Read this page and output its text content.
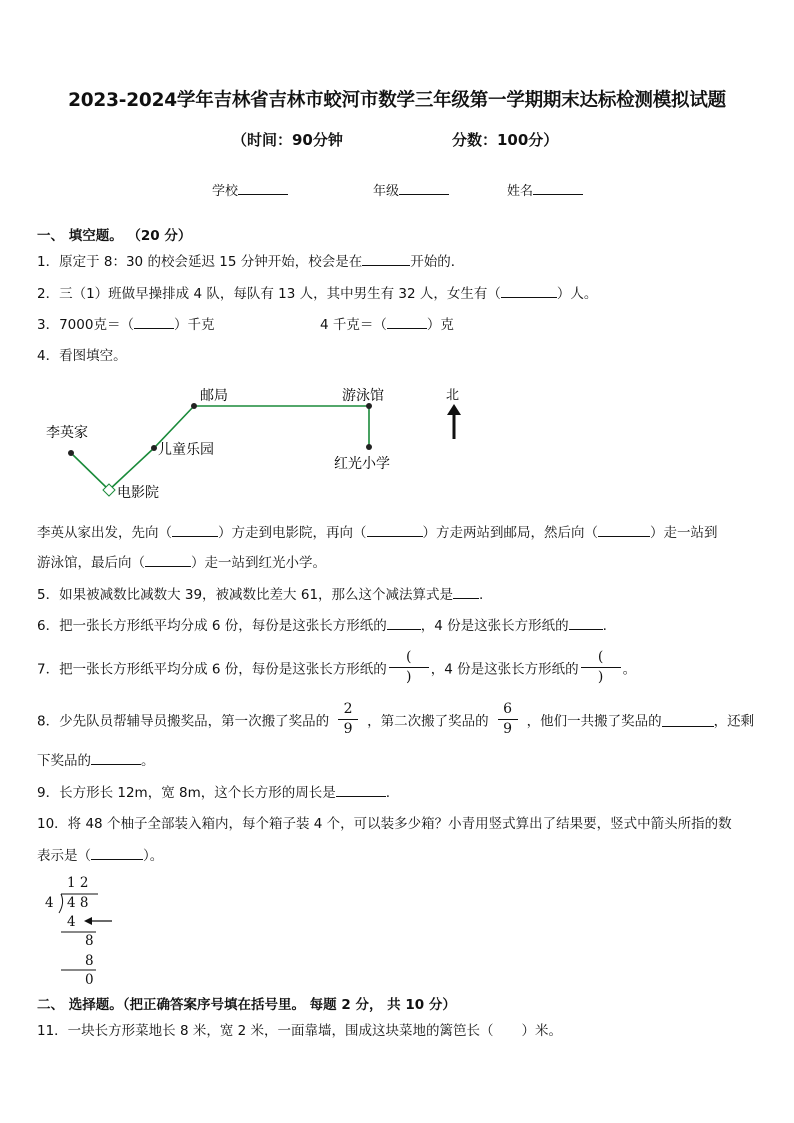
2023-2024学年吉林省吉林市蛟河市数学三年级第一学期期末达标检测模拟试题
（时间：90分钟	分数：100分）
学校	年级	姓名
一、 填空题。 （20 分）
1．原定于 8：30 的校会延迟 15 分钟开始，校会是在	开始的．
2．三（1）班做早操排成 4 队，每队有 13 人，其中男生有 32 人，女生有（	）人。
3．7000克＝（	）千克	4 千克＝（	）克
4．看图填空。
邮局	游泳馆	北
李英家
儿童乐园
红光小学
电影院
李英从家出发，先向（	）方走到电影院，再向（	）方走两站到邮局，然后向（	）走一站到
游泳馆，最后向（	）走一站到红光小学。
5．如果被减数比减数大 39，被减数比差大 61，那么这个减法算式是 .
6．把一张长方形纸平均分成 6 份，每份是这张长方形纸的	，4 份是这张长方形纸的	.
7．把一张长方形纸平均分成 6 份，每份是这张长方形纸的 $\frac{(}{)}$ ，4 份是这张长方形纸的 $\frac{(}{)}$ 。
8．少先队员帮辅导员搬奖品，第一次搬了奖品的 $\frac{2}{9}$ ，第二次搬了奖品的 $\frac{6}{9}$ ，他们一共搬了奖品的	，还剩
下奖品的	。
9．长方形长 12m，宽 8m，这个长方形的周长是	.
10．将 48 个柚子全部装入箱内，每个箱子装 4 个，可以装多少箱？小青用竖式算出了结果要，竖式中箭头所指的数
表示是（	）。
1 2
4 4 8
4
8
8
0
二、 选择题。（把正确答案序号填在括号里。 每题 2 分， 共 10 分）
11．一块长方形菜地长 8 米，宽 2 米，一面靠墙，围成这块菜地的篱笆长（ ）米。
